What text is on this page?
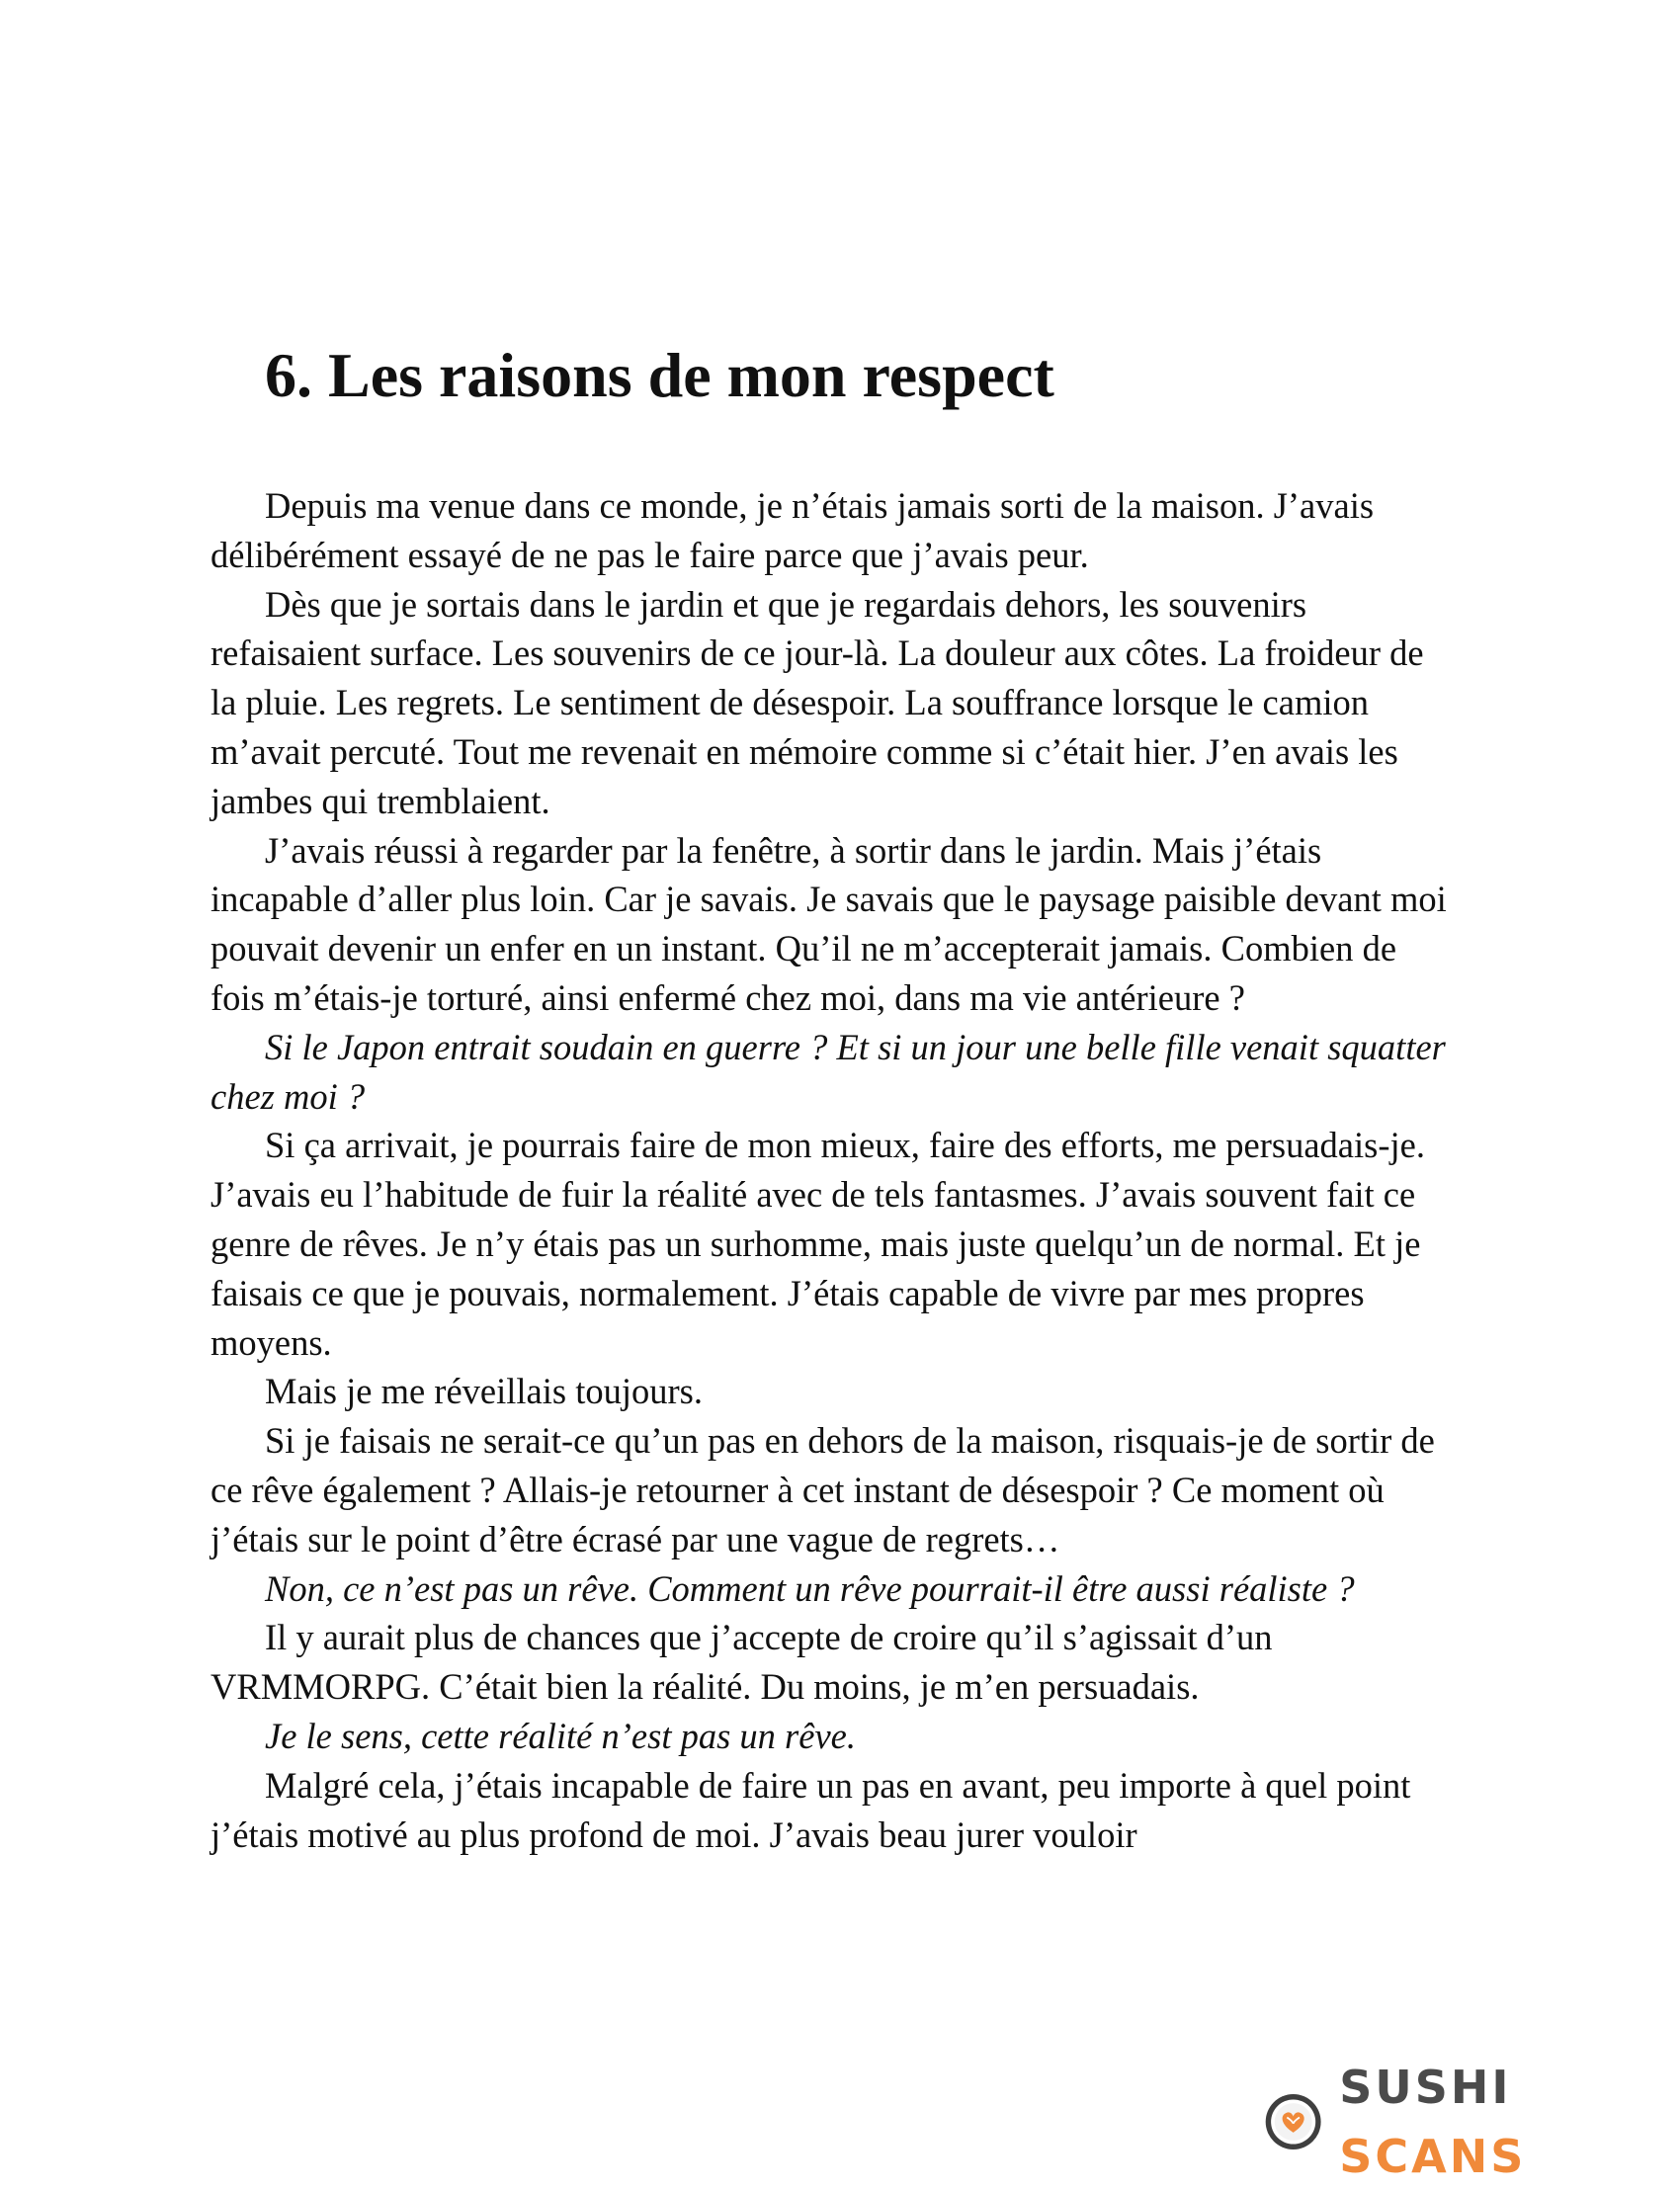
6. Les raisons de mon respect

Depuis ma venue dans ce monde, je n’étais jamais sorti de la maison. J’avais délibérément essayé de ne pas le faire parce que j’avais peur.

Dès que je sortais dans le jardin et que je regardais dehors, les souvenirs refaisaient surface. Les souvenirs de ce jour-là. La douleur aux côtes. La froideur de la pluie. Les regrets. Le sentiment de désespoir. La souffrance lorsque le camion m’avait percuté. Tout me revenait en mémoire comme si c’était hier. J’en avais les jambes qui tremblaient.

J’avais réussi à regarder par la fenêtre, à sortir dans le jardin. Mais j’étais incapable d’aller plus loin. Car je savais. Je savais que le paysage paisible devant moi pouvait devenir un enfer en un instant. Qu’il ne m’accepterait jamais. Combien de fois m’étais-je torturé, ainsi enfermé chez moi, dans ma vie antérieure ?

Si le Japon entrait soudain en guerre ? Et si un jour une belle fille venait squatter chez moi ?

Si ça arrivait, je pourrais faire de mon mieux, faire des efforts, me persuadais-je. J’avais eu l’habitude de fuir la réalité avec de tels fantasmes. J’avais souvent fait ce genre de rêves. Je n’y étais pas un surhomme, mais juste quelqu’un de normal. Et je faisais ce que je pouvais, normalement. J’étais capable de vivre par mes propres moyens.

Mais je me réveillais toujours.

Si je faisais ne serait-ce qu’un pas en dehors de la maison, risquais-je de sortir de ce rêve également ? Allais-je retourner à cet instant de désespoir ? Ce moment où j’étais sur le point d’être écrasé par une vague de regrets…

Non, ce n’est pas un rêve. Comment un rêve pourrait-il être aussi réaliste ?

Il y aurait plus de chances que j’accepte de croire qu’il s’agissait d’un VRMMORPG. C’était bien la réalité. Du moins, je m’en persuadais.

Je le sens, cette réalité n’est pas un rêve.

Malgré cela, j’étais incapable de faire un pas en avant, peu importe à quel point j’étais motivé au plus profond de moi. J’avais beau jurer vouloir

SUSHI SCANS
